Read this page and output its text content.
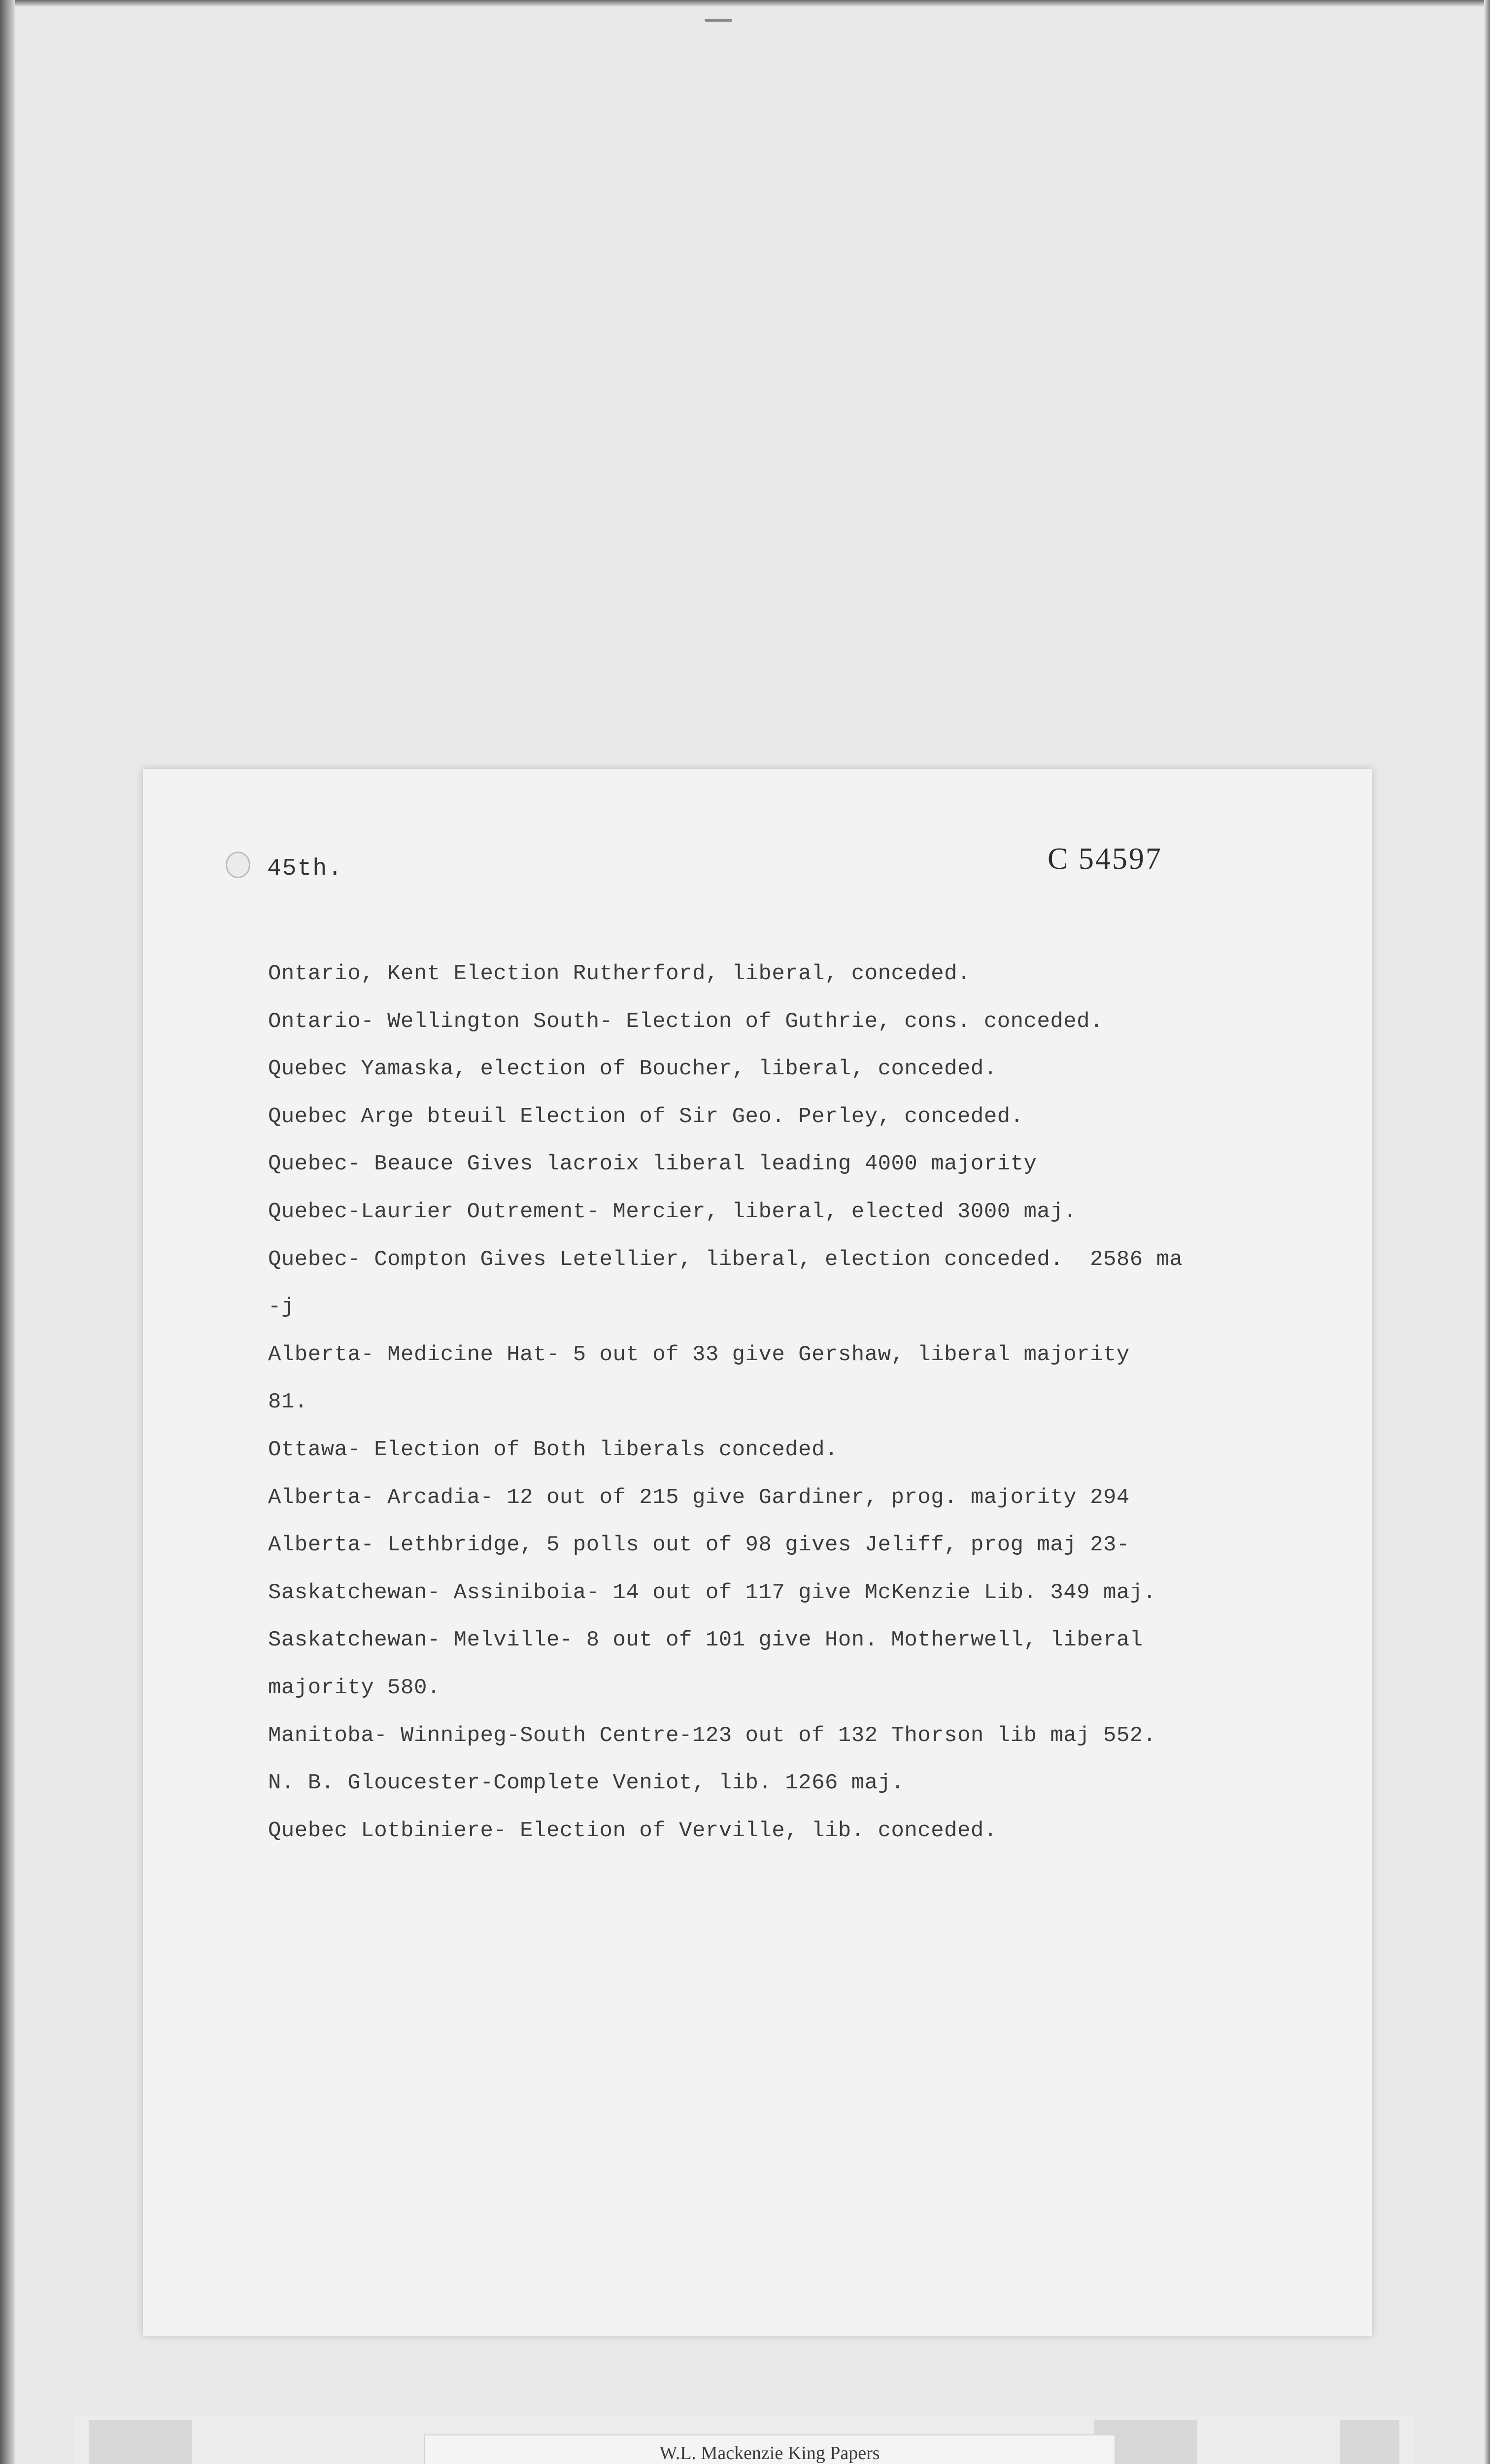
45th.	C 54597
Ontario, Kent Election Rutherford, liberal, conceded.
Ontario- Wellington South- Election of Guthrie, cons. conceded.
Quebec Yamaska, election of Boucher, liberal, conceded.
Quebec Arge bteuil Election of Sir Geo. Perley, conceded.
Quebec- Beauce Gives lacroix liberal leading 4000 majority
Quebec-Laurier Outrement- Mercier, liberal, elected 3000 maj.
Quebec- Compton Gives Letellier, liberal, election conceded.  2586 ma
-j
Alberta- Medicine Hat- 5 out of 33 give Gershaw, liberal majority
81.
Ottawa- Election of Both liberals conceded.
Alberta- Arcadia- 12 out of 215 give Gardiner, prog. majority 294
Alberta- Lethbridge, 5 polls out of 98 gives Jeliff, prog maj 23-
Saskatchewan- Assiniboia- 14 out of 117 give McKenzie Lib. 349 maj.
Saskatchewan- Melville- 8 out of 101 give Hon. Motherwell, liberal
majority 580.
Manitoba- Winnipeg-South Centre-123 out of 132 Thorson lib maj 552.
N. B. Gloucester-Complete Veniot, lib. 1266 maj.
Quebec Lotbiniere- Election of Verville, lib. conceded.
W.L. Mackenzie King Papers
